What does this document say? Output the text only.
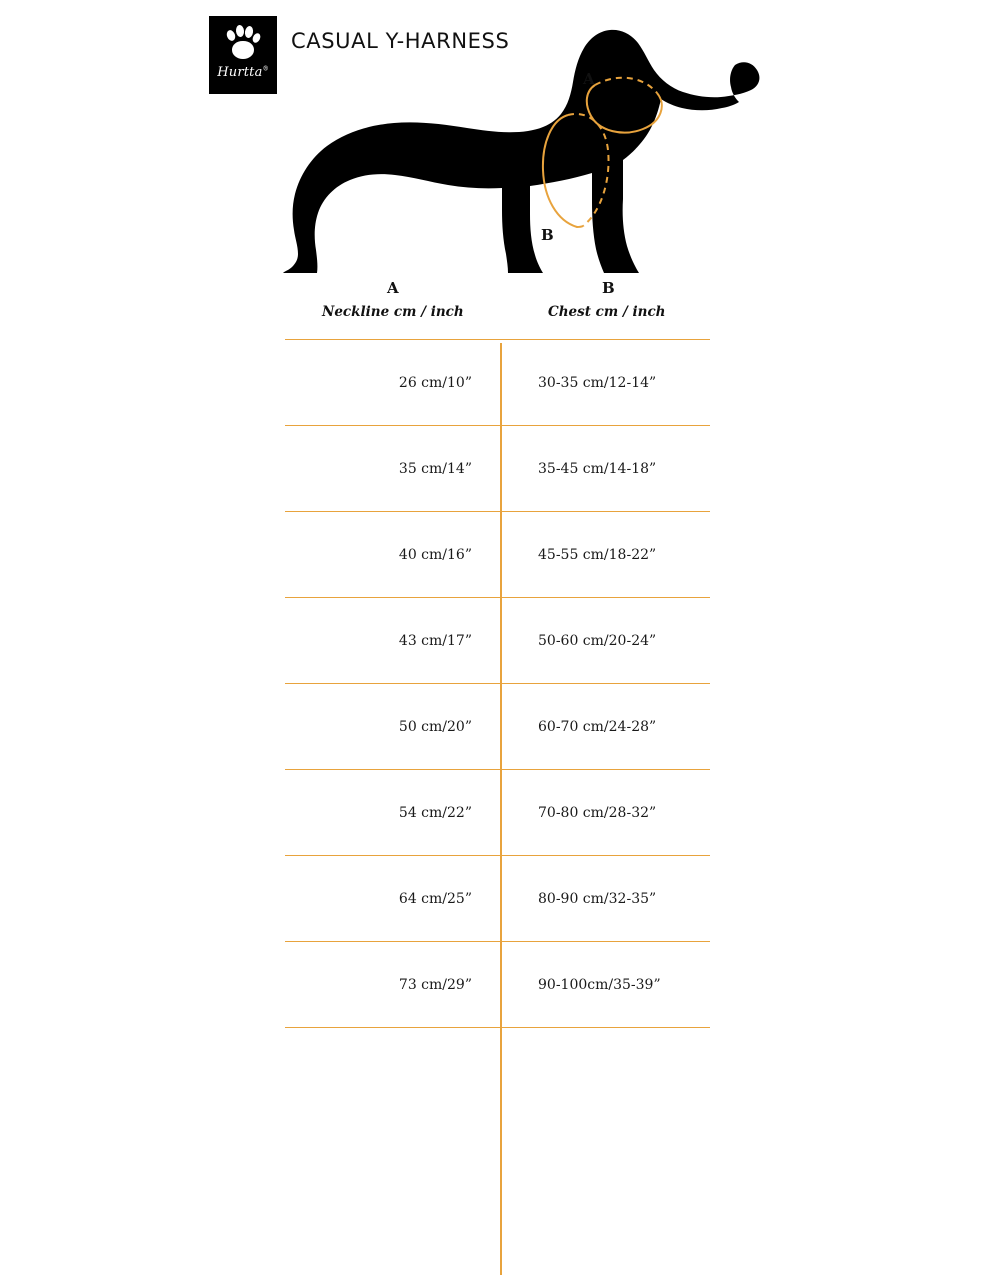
Hurtta®
CASUAL Y-HARNESS
A
B
A
Neckline cm / inch
B
Chest cm / inch
26 cm/10”	30-35 cm/12-14”
35 cm/14”	35-45 cm/14-18”
40 cm/16”	45-55 cm/18-22”
43 cm/17”	50-60 cm/20-24”
50 cm/20”	60-70 cm/24-28”
54 cm/22”	70-80 cm/28-32”
64 cm/25”	80-90 cm/32-35”
73 cm/29”	90-100cm/35-39”
